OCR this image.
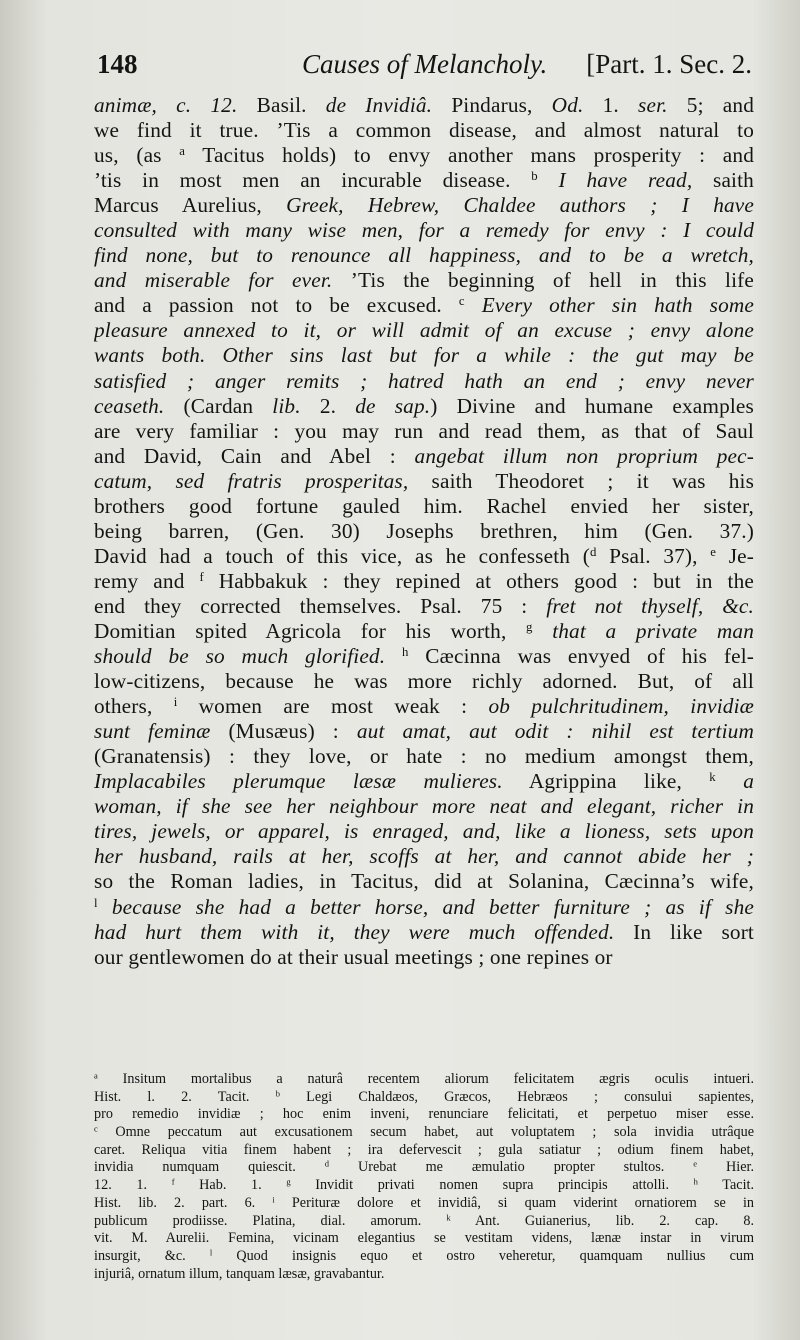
148	Causes of Melancholy. [Part. 1. Sec. 2.
animæ, c. 12. Basil. de Invidiâ. Pindarus, Od. 1. ser. 5; and
we find it true. ’Tis a common disease, and almost natural to
us, (as $^a$ Tacitus holds) to envy another mans prosperity : and
’tis in most men an incurable disease. $^b$ I have read, saith
Marcus Aurelius, Greek, Hebrew, Chaldee authors ; I have
consulted with many wise men, for a remedy for envy : I could
find none, but to renounce all happiness, and to be a wretch,
and miserable for ever. ’Tis the beginning of hell in this life
and a passion not to be excused. $^c$ Every other sin hath some
pleasure annexed to it, or will admit of an excuse ; envy alone
wants both. Other sins last but for a while : the gut may be
satisfied ; anger remits ; hatred hath an end ; envy never
ceaseth. (Cardan lib. 2. de sap.) Divine and humane examples
are very familiar : you may run and read them, as that of Saul
and David, Cain and Abel : angebat illum non proprium pec-
catum, sed fratris prosperitas, saith Theodoret ; it was his
brothers good fortune gauled him. Rachel envied her sister,
being barren, (Gen. 30) Josephs brethren, him (Gen. 37.)
David had a touch of this vice, as he confesseth ($^d$ Psal. 37), $^e$ Je-
remy and $^f$ Habbakuk : they repined at others good : but in the
end they corrected themselves. Psal. 75 : fret not thyself, &c.
Domitian spited Agricola for his worth, $^g$ that a private man
should be so much glorified. $^h$ Cæcinna was envyed of his fel-
low-citizens, because he was more richly adorned. But, of all
others, $^i$ women are most weak : ob pulchritudinem, invidiæ
sunt feminæ (Musæus) : aut amat, aut odit : nihil est tertium
(Granatensis) : they love, or hate : no medium amongst them,
Implacabiles plerumque læsæ mulieres. Agrippina like, $^k$ a
woman, if she see her neighbour more neat and elegant, richer in
tires, jewels, or apparel, is enraged, and, like a lioness, sets upon
her husband, rails at her, scoffs at her, and cannot abide her ;
so the Roman ladies, in Tacitus, did at Solanina, Cæcinna’s wife,
$^l$ because she had a better horse, and better furniture ; as if she
had hurt them with it, they were much offended. In like sort
our gentlewomen do at their usual meetings ; one repines or
$^a$ Insitum mortalibus a naturâ recentem aliorum felicitatem ægris oculis intueri.
Hist. l. 2. Tacit.	$^b$ Legi Chaldæos, Græcos, Hebræos ; consului sapientes,
pro remedio invidiæ ; hoc enim inveni, renunciare felicitati, et perpetuo miser esse.
$^c$ Omne peccatum aut excusationem secum habet, aut voluptatem ; sola invidia utrâque
caret. Reliqua vitia finem habent ; ira defervescit ; gula satiatur ; odium finem habet,
invidia numquam quiescit.	$^d$ Urebat me æmulatio propter stultos.	$^e$ Hier.
12. 1.	$^f$ Hab. 1.	$^g$ Invidit privati nomen supra principis attolli.	$^h$ Tacit.
Hist. lib. 2. part. 6. $^i$ Perituræ dolore et invidiâ, si quam viderint ornatiorem se in
publicum prodiisse. Platina, dial. amorum.	$^k$ Ant. Guianerius, lib. 2. cap. 8.
vit. M. Aurelii. Femina, vicinam elegantius se vestitam videns, lænæ instar in virum
insurgit, &c.	$^l$ Quod insignis equo et ostro veheretur, quamquam nullius cum
injuriâ, ornatum illum, tanquam læsæ, gravabantur.
